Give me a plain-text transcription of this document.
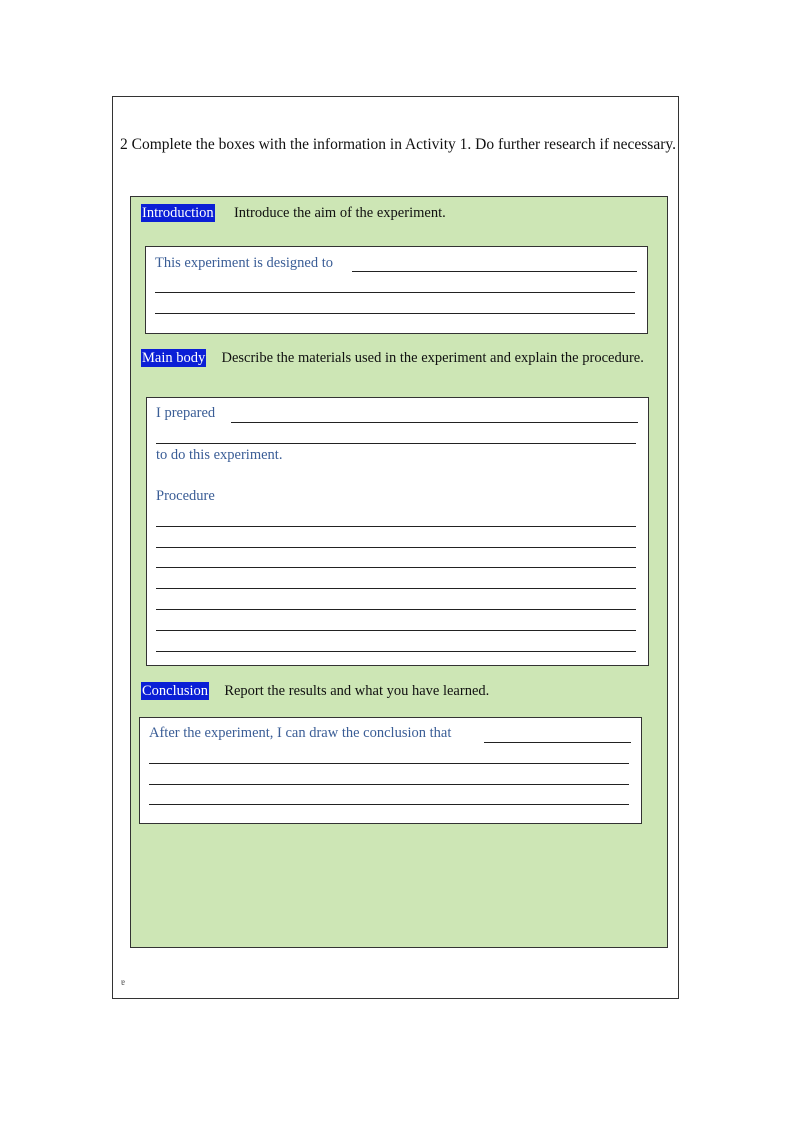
2 Complete the boxes with the information in Activity 1. Do further research if necessary.
Introduction Introduce the aim of the experiment.
This experiment is designed to
Main body Describe the materials used in the experiment and explain the procedure.
I prepared
to do this experiment.
Procedure
Conclusion Report the results and what you have learned.
After the experiment, I can draw the conclusion that
ɐ
